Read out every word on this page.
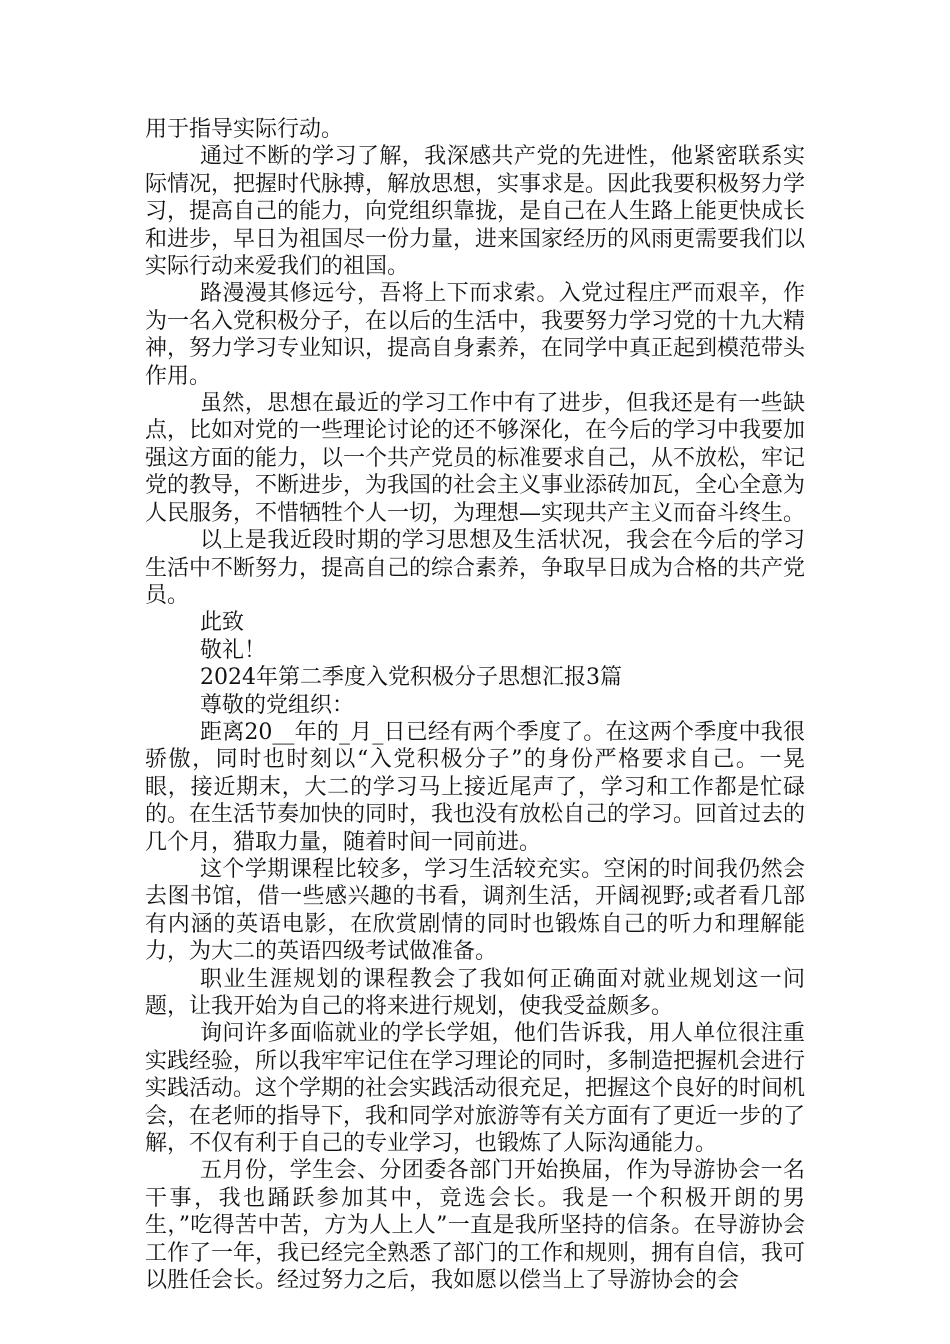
用于指导实际行动。

通过不断的学习了解，我深感共产党的先进性，他紧密联系实际情况，把握时代脉搏，解放思想，实事求是。因此我要积极努力学习，提高自己的能力，向党组织靠拢，是自己在人生路上能更快成长和进步，早日为祖国尽一份力量，进来国家经历的风雨更需要我们以实际行动来爱我们的祖国。

路漫漫其修远兮，吾将上下而求索。入党过程庄严而艰辛，作为一名入党积极分子，在以后的生活中，我要努力学习党的十九大精神，努力学习专业知识，提高自身素养，在同学中真正起到模范带头作用。

虽然，思想在最近的学习工作中有了进步，但我还是有一些缺点，比如对党的一些理论讨论的还不够深化，在今后的学习中我要加强这方面的能力，以一个共产党员的标准要求自己，从不放松，牢记党的教导，不断进步，为我国的社会主义事业添砖加瓦，全心全意为人民服务，不惜牺牲个人一切，为理想—实现共产主义而奋斗终生。

以上是我近段时期的学习思想及生活状况，我会在今后的学习生活中不断努力，提高自己的综合素养，争取早日成为合格的共产党员。

此致

敬礼！

2024年第二季度入党积极分子思想汇报3篇

尊敬的党组织：

距离20__年的_月_日已经有两个季度了。在这两个季度中我很骄傲，同时也时刻以“入党积极分子”的身份严格要求自己。一晃眼，接近期末，大二的学习马上接近尾声了，学习和工作都是忙碌的。在生活节奏加快的同时，我也没有放松自己的学习。回首过去的几个月，猎取力量，随着时间一同前进。

这个学期课程比较多，学习生活较充实。空闲的时间我仍然会去图书馆，借一些感兴趣的书看，调剂生活，开阔视野;或者看几部有内涵的英语电影，在欣赏剧情的同时也锻炼自己的听力和理解能力，为大二的英语四级考试做准备。

职业生涯规划的课程教会了我如何正确面对就业规划这一问题，让我开始为自己的将来进行规划，使我受益颇多。

询问许多面临就业的学长学姐，他们告诉我，用人单位很注重实践经验，所以我牢牢记住在学习理论的同时，多制造把握机会进行实践活动。这个学期的社会实践活动很充足，把握这个良好的时间机会，在老师的指导下，我和同学对旅游等有关方面有了更近一步的了解，不仅有利于自己的专业学习，也锻炼了人际沟通能力。

五月份，学生会、分团委各部门开始换届，作为导游协会一名干事，我也踊跃参加其中，竞选会长。我是一个积极开朗的男生，”吃得苦中苦，方为人上人”一直是我所坚持的信条。在导游协会工作了一年，我已经完全熟悉了部门的工作和规则，拥有自信，我可以胜任会长。经过努力之后，我如愿以偿当上了导游协会的会
